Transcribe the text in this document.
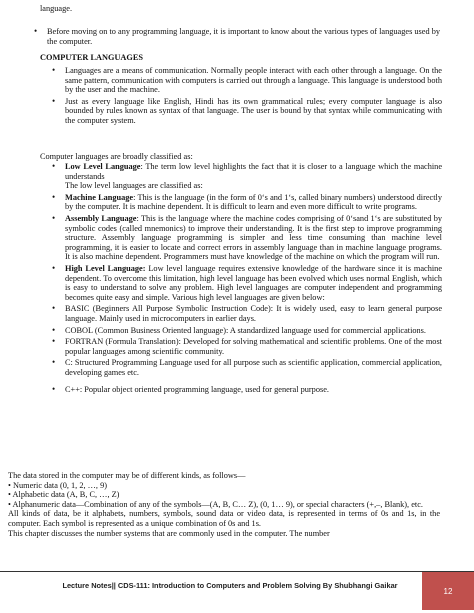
language.
• Before moving on to any programming language, it is important to know about the various types of languages used by the computer.
COMPUTER LANGUAGES
• Languages are a means of communication. Normally people interact with each other through a language. On the same pattern, communication with computers is carried out through a language. This language is understood both by the user and the machine.
• Just as every language like English, Hindi has its own grammatical rules; every computer language is also bounded by rules known as syntax of that language. The user is bound by that syntax while communicating with the computer system.
Computer languages are broadly classified as:
• Low Level Language: The term low level highlights the fact that it is closer to a language which the machine understands
The low level languages are classified as:
• Machine Language: This is the language (in the form of 0‘s and 1‘s, called binary numbers) understood directly by the computer. It is machine dependent. It is difficult to learn and even more difficult to write programs.
• Assembly Language: This is the language where the machine codes comprising of 0‘sand 1‘s are substituted by symbolic codes (called mnemonics) to improve their understanding. It is the first step to improve programming structure. Assembly language programming is simpler and less time consuming than machine level programming, it is easier to locate and correct errors in assembly language than in machine language programs. It is also machine dependent. Programmers must have knowledge of the machine on which the program will run.
• High Level Language: Low level language requires extensive knowledge of the hardware since it is machine dependent. To overcome this limitation, high level language has been evolved which uses normal English, which is easy to understand to solve any problem. High level languages are computer independent and programming becomes quite easy and simple. Various high level languages are given below:
• BASIC (Beginners All Purpose Symbolic Instruction Code): It is widely used, easy to learn general purpose language. Mainly used in microcomputers in earlier days.
• COBOL (Common Business Oriented language): A standardized language used for commercial applications.
• FORTRAN (Formula Translation): Developed for solving mathematical and scientific problems. One of the most popular languages among scientific community.
• C: Structured Programming Language used for all purpose such as scientific application, commercial application, developing games etc.
• C++: Popular object oriented programming language, used for general purpose.

The data stored in the computer may be of different kinds, as follows—

• Numeric data (0, 1, 2, …, 9)

• Alphabetic data (A, B, C, …, Z)

• Alphanumeric data—Combination of any of the symbols—(A, B, C… Z), (0, 1… 9), or special characters (+,–, Blank), etc.

All kinds of data, be it alphabets, numbers, symbols, sound data or video data, is represented in terms of 0s and 1s, in the computer. Each symbol is represented as a unique combination of 0s and 1s.

This chapter discusses the number systems that are commonly used in the computer. The number

Lecture Notes|| CDS-111: Introduction to Computers and Problem Solving By Shubhangi Gaikar
12
